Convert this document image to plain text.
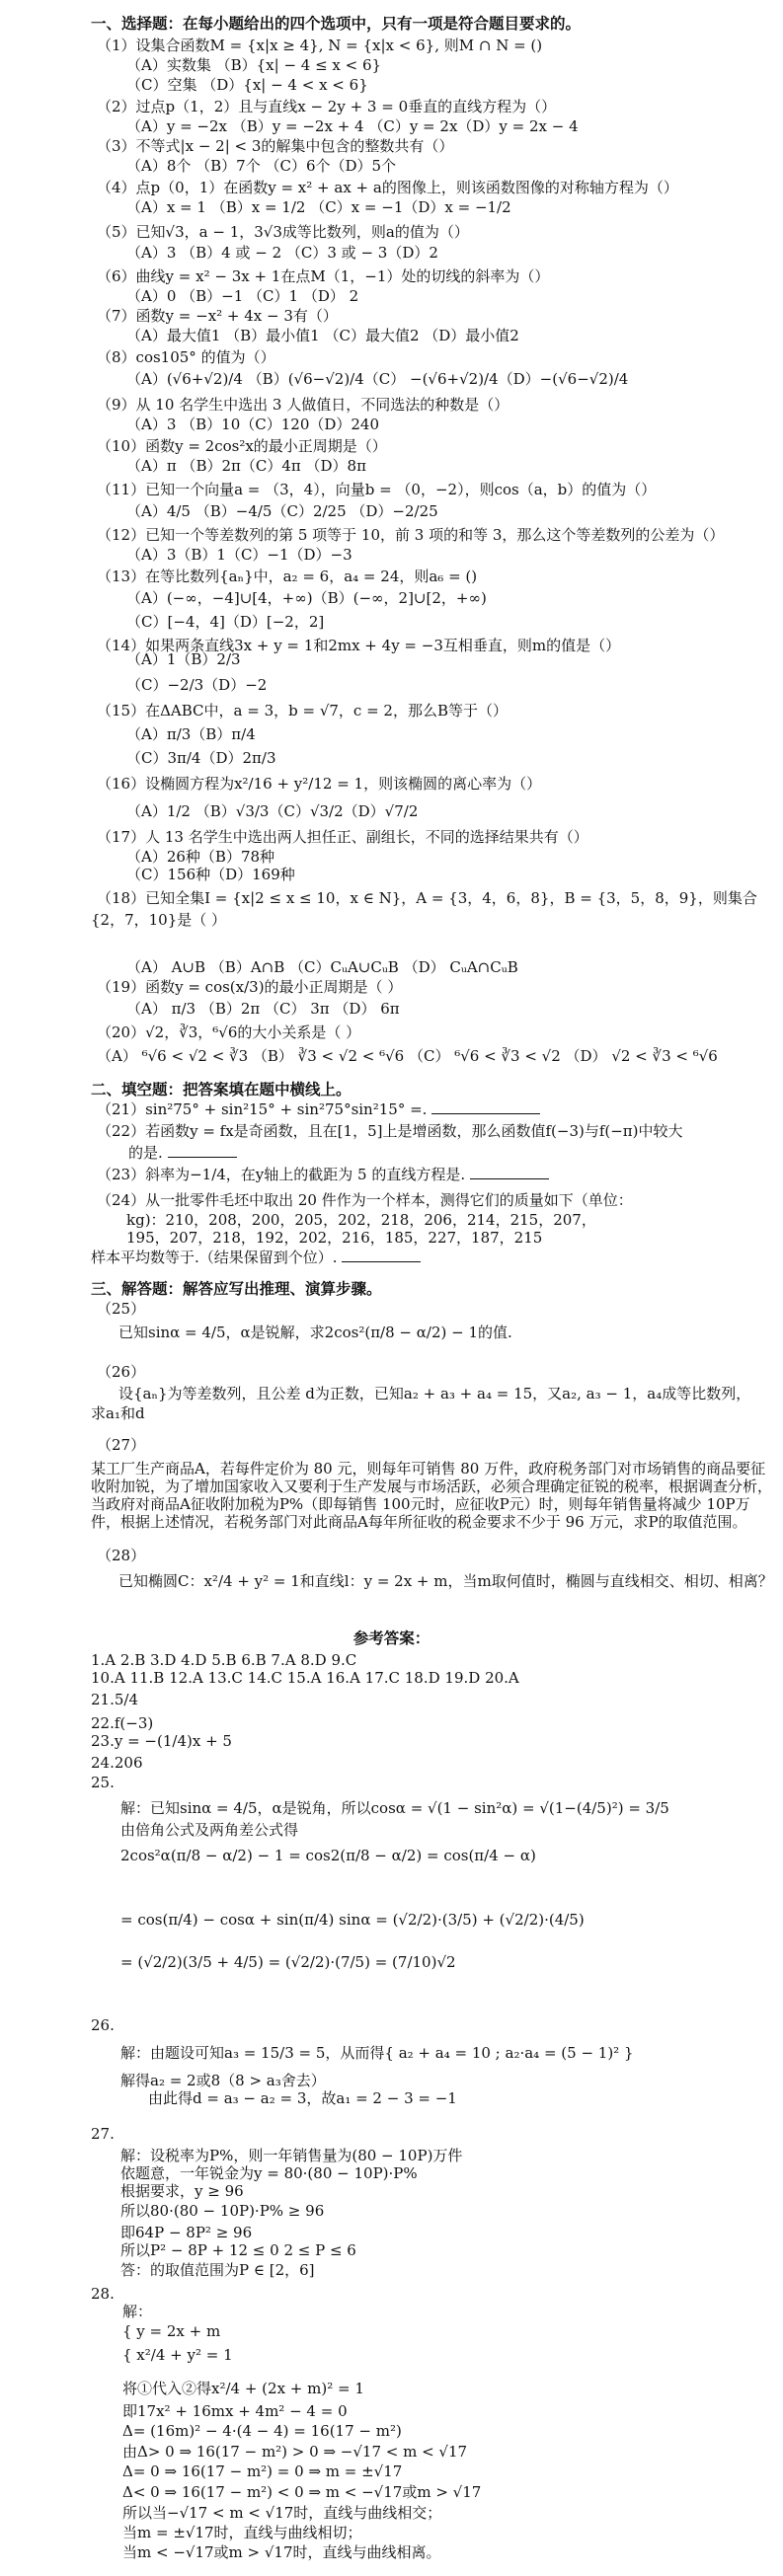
一、选择题：在每小题给出的四个选项中，只有一项是符合题目要求的。
（1）设集合函数M = {x|x ≥ 4}, N = {x|x < 6}, 则M ∩ N = ()
（A）实数集 （B）{x| − 4 ≤ x < 6}
（C）空集 （D）{x| − 4 < x < 6}
（2）过点p（1，2）且与直线x − 2y + 3 = 0垂直的直线方程为（）
（A）y = −2x （B）y = −2x + 4 （C）y = 2x（D）y = 2x − 4
（3）不等式|x − 2| < 3的解集中包含的整数共有（）
（A）8个 （B）7个 （C）6个（D）5个
（4）点p（0，1）在函数y = x² + ax + a的图像上，则该函数图像的对称轴方程为（）
（A）x = 1 （B）x = 1/2 （C）x = −1（D）x = −1/2
（5）已知√3，a − 1，3√3成等比数列，则a的值为（）
（A）3 （B）4 或 − 2 （C）3 或 − 3（D）2
（6）曲线y = x² − 3x + 1在点M（1，−1）处的切线的斜率为（）
（A）0 （B）−1 （C）1 （D） 2
（7）函数y = −x² + 4x − 3有（）
（A）最大值1 （B）最小值1 （C）最大值2 （D）最小值2
（8）cos105° 的值为（）
（A）(√6+√2)/4 （B）(√6−√2)/4（C） −(√6+√2)/4（D）−(√6−√2)/4
（9）从 10 名学生中选出 3 人做值日，不同选法的种数是（）
（A）3 （B）10（C）120（D）240
（10）函数y = 2cos²x的最小正周期是（）
（A）π （B）2π（C）4π （D）8π
（11）已知一个向量a = （3，4），向量b = （0，−2），则cos（a，b）的值为（）
（A）4/5 （B）−4/5（C）2/25 （D）−2/25
（12）已知一个等差数列的第 5 项等于 10，前 3 项的和等 3，那么这个等差数列的公差为（）
（A）3（B）1（C）−1（D）−3
（13）在等比数列{aₙ}中，a₂ = 6，a₄ = 24，则a₆ = ()
（A）(−∞，−4]∪[4，+∞)（B）(−∞，2]∪[2，+∞)
（C）[−4，4]（D）[−2，2]
（14）如果两条直线3x + y = 1和2mx + 4y = −3互相垂直，则m的值是（）
（A）1（B）2/3
（C）−2/3（D）−2
（15）在ΔABC中，a = 3，b = √7，c = 2，那么B等于（）
（A）π/3（B）π/4
（C）3π/4（D）2π/3
（16）设椭圆方程为x²/16 + y²/12 = 1，则该椭圆的离心率为（）
（A）1/2 （B）√3/3（C）√3/2（D）√7/2
（17）人 13 名学生中选出两人担任正、副组长，不同的选择结果共有（）
（A）26种（B）78种
（C）156种（D）169种
（18）已知全集I = {x|2 ≤ x ≤ 10，x ∈ N}，A = {3，4，6，8}，B = {3，5，8，9}，则集合
{2，7，10}是（ ）
（A） A∪B （B）A∩B （C）CᵤA∪CᵤB （D） CᵤA∩CᵤB
（19）函数y = cos(x/3)的最小正周期是（ ）
（A） π/3 （B）2π （C） 3π （D） 6π
（20）√2，∛3，⁶√6的大小关系是（ ）
（A） ⁶√6 < √2 < ∛3 （B） ∛3 < √2 < ⁶√6 （C） ⁶√6 < ∛3 < √2 （D） √2 < ∛3 < ⁶√6
二、填空题：把答案填在题中横线上。
（21）sin²75° + sin²15° + sin²75°sin²15° =.
（22）若函数y = fx是奇函数，且在[1，5]上是增函数，那么函数值f(−3)与f(−π)中较大
的是.
（23）斜率为−1/4，在y轴上的截距为 5 的直线方程是.
（24）从一批零件毛坯中取出 20 件作为一个样本，测得它们的质量如下（单位：
kg)：210，208，200，205，202，218，206，214，215，207，
195，207，218，192，202，216，185，227，187，215
样本平均数等于.（结果保留到个位）.
三、解答题：解答应写出推理、演算步骤。
（25）
已知sinα = 4/5，α是锐解，求2cos²(π/8 − α/2) − 1的值.
（26）
设{aₙ}为等差数列，且公差 d为正数，已知a₂ + a₃ + a₄ = 15，又a₂, a₃ − 1，a₄成等比数列，
求a₁和d
（27）
某工厂生产商品A，若每件定价为 80 元，则每年可销售 80 万件，政府税务部门对市场销售的商品要征
收附加锐，为了增加国家收入又要利于生产发展与市场活跃，必须合理确定征锐的税率，根据调查分析，
当政府对商品A征收附加税为P%（即每销售 100元时，应征收P元）时，则每年销售量将减少 10P万
件，根据上述情况，若税务部门对此商品A每年所征收的税金要求不少于 96 万元，求P的取值范围。
（28）
已知椭圆C：x²/4 + y² = 1和直线l：y = 2x + m，当m取何值时，椭圆与直线相交、相切、相离？
参考答案：
1.A 2.B 3.D 4.D 5.B 6.B 7.A 8.D 9.C
10.A 11.B 12.A 13.C 14.C 15.A 16.A 17.C 18.D 19.D 20.A
21.5/4
22.f(−3)
23.y = −(1/4)x + 5
24.206
25.
解：已知sinα = 4/5，α是锐角，所以cosα = √(1 − sin²α) = √(1−(4/5)²) = 3/5
由倍角公式及两角差公式得
2cos²α(π/8 − α/2) − 1 = cos2(π/8 − α/2) = cos(π/4 − α)
= cos(π/4) − cosα + sin(π/4) sinα = (√2/2)·(3/5) + (√2/2)·(4/5)
= (√2/2)(3/5 + 4/5) = (√2/2)·(7/5) = (7/10)√2
26.
解：由题设可知a₃ = 15/3 = 5，从而得{ a₂ + a₄ = 10 ; a₂·a₄ = (5 − 1)² }
解得a₂ = 2或8（8 > a₃舍去）
由此得d = a₃ − a₂ = 3，故a₁ = 2 − 3 = −1
27.
解：设税率为P%，则一年销售量为(80 − 10P)万件
依题意，一年锐金为y = 80·(80 − 10P)·P%
根据要求，y ≥ 96
所以80·(80 − 10P)·P% ≥ 96
即64P − 8P² ≥ 96
所以P² − 8P + 12 ≤ 0 2 ≤ P ≤ 6
答：的取值范围为P ∈ [2，6]
28.
解：
{ y = 2x + m
{ x²/4 + y² = 1
将①代入②得x²/4 + (2x + m)² = 1
即17x² + 16mx + 4m² − 4 = 0
Δ= (16m)² − 4·(4 − 4) = 16(17 − m²)
由Δ> 0 ⇒ 16(17 − m²) > 0 ⇒ −√17 < m < √17
Δ= 0 ⇒ 16(17 − m²) = 0 ⇒ m = ±√17
Δ< 0 ⇒ 16(17 − m²) < 0 ⇒ m < −√17或m > √17
所以当−√17 < m < √17时，直线与曲线相交；
当m = ±√17时，直线与曲线相切；
当m < −√17或m > √17时，直线与曲线相离。
